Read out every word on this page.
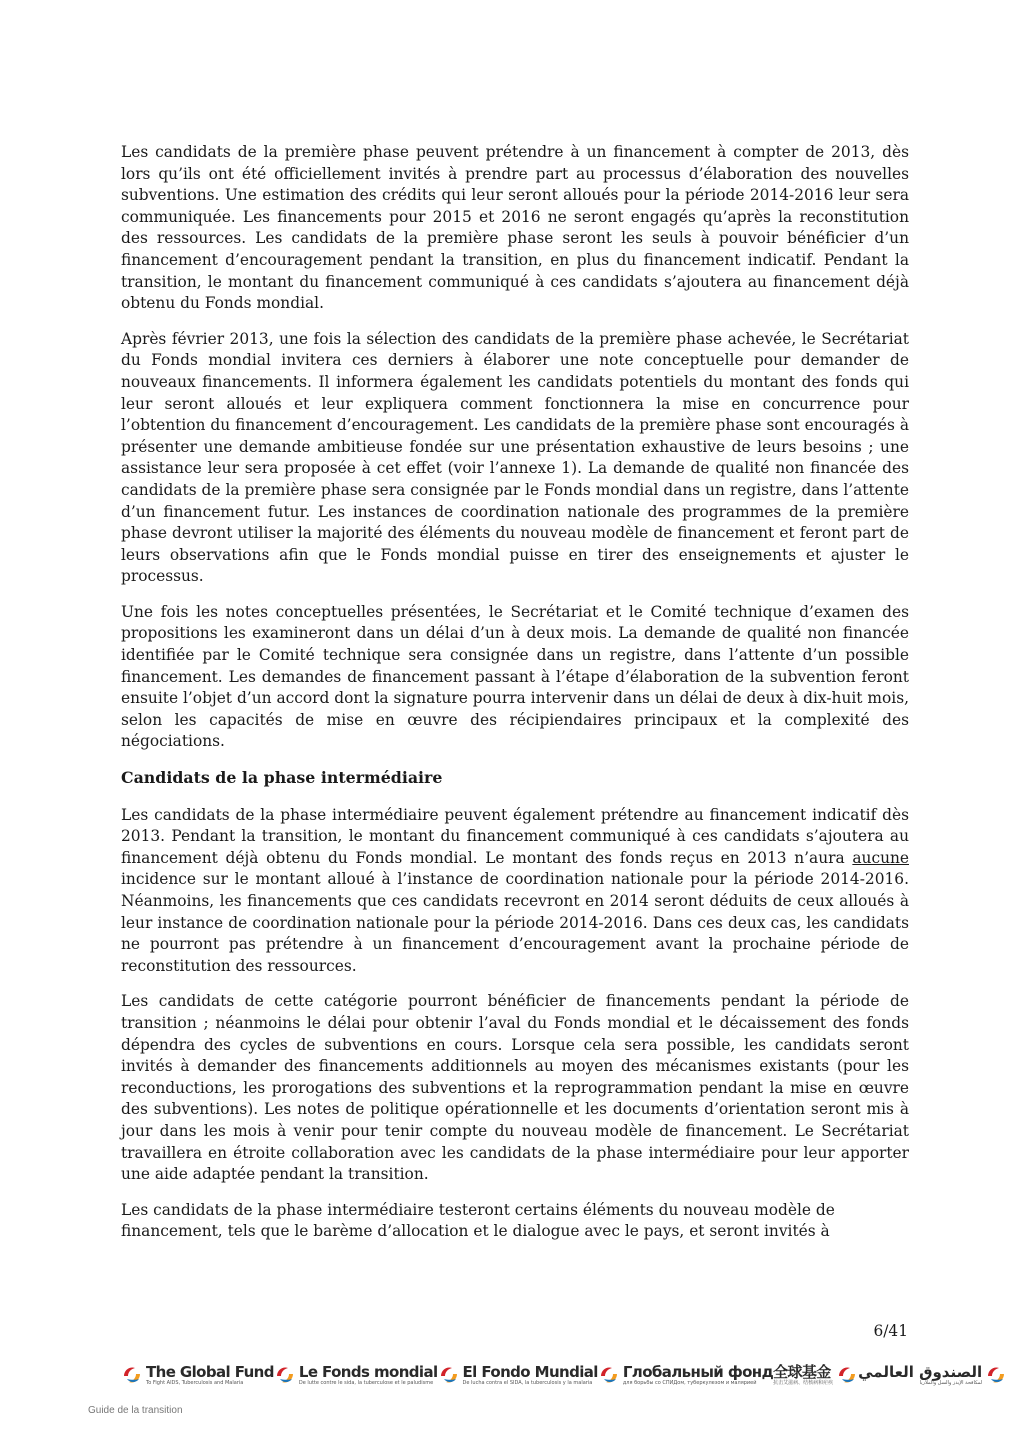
Les candidats de la première phase peuvent prétendre à un financement à compter de 2013, dès lors qu’ils ont été officiellement invités à prendre part au processus d’élaboration des nouvelles subventions. Une estimation des crédits qui leur seront alloués pour la période 2014-2016 leur sera communiquée. Les financements pour 2015 et 2016 ne seront engagés qu’après la reconstitution des ressources. Les candidats de la première phase seront les seuls à pouvoir bénéficier d’un financement d’encouragement pendant la transition, en plus du financement indicatif. Pendant la transition, le montant du financement communiqué à ces candidats s’ajoutera au financement déjà obtenu du Fonds mondial.

Après février 2013, une fois la sélection des candidats de la première phase achevée, le Secrétariat du Fonds mondial invitera ces derniers à élaborer une note conceptuelle pour demander de nouveaux financements. Il informera également les candidats potentiels du montant des fonds qui leur seront alloués et leur expliquera comment fonctionnera la mise en concurrence pour l’obtention du financement d’encouragement. Les candidats de la première phase sont encouragés à présenter une demande ambitieuse fondée sur une présentation exhaustive de leurs besoins ; une assistance leur sera proposée à cet effet (voir l’annexe 1). La demande de qualité non financée des candidats de la première phase sera consignée par le Fonds mondial dans un registre, dans l’attente d’un financement futur. Les instances de coordination nationale des programmes de la première phase devront utiliser la majorité des éléments du nouveau modèle de financement et feront part de leurs observations afin que le Fonds mondial puisse en tirer des enseignements et ajuster le processus.

Une fois les notes conceptuelles présentées, le Secrétariat et le Comité technique d’examen des propositions les examineront dans un délai d’un à deux mois. La demande de qualité non financée identifiée par le Comité technique sera consignée dans un registre, dans l’attente d’un possible financement. Les demandes de financement passant à l’étape d’élaboration de la subvention feront ensuite l’objet d’un accord dont la signature pourra intervenir dans un délai de deux à dix-huit mois, selon les capacités de mise en œuvre des récipiendaires principaux et la complexité des négociations.

Candidats de la phase intermédiaire

Les candidats de la phase intermédiaire peuvent également prétendre au financement indicatif dès 2013. Pendant la transition, le montant du financement communiqué à ces candidats s’ajoutera au financement déjà obtenu du Fonds mondial. Le montant des fonds reçus en 2013 n’aura aucune incidence sur le montant alloué à l’instance de coordination nationale pour la période 2014-2016. Néanmoins, les financements que ces candidats recevront en 2014 seront déduits de ceux alloués à leur instance de coordination nationale pour la période 2014-2016. Dans ces deux cas, les candidats ne pourront pas prétendre à un financement d’encouragement avant la prochaine période de reconstitution des ressources.

Les candidats de cette catégorie pourront bénéficier de financements pendant la période de transition ; néanmoins le délai pour obtenir l’aval du Fonds mondial et le décaissement des fonds dépendra des cycles de subventions en cours. Lorsque cela sera possible, les candidats seront invités à demander des financements additionnels au moyen des mécanismes existants (pour les reconductions, les prorogations des subventions et la reprogrammation pendant la mise en œuvre des subventions). Les notes de politique opérationnelle et les documents d’orientation seront mis à jour dans les mois à venir pour tenir compte du nouveau modèle de financement. Le Secrétariat travaillera en étroite collaboration avec les candidats de la phase intermédiaire pour leur apporter une aide adaptée pendant la transition.

Les candidats de la phase intermédiaire testeront certains éléments du nouveau modèle de financement, tels que le barème d’allocation et le dialogue avec le pays, et seront invités à

6/41
The Global Fund
To Fight AIDS, Tuberculosis and Malaria
Le Fonds mondial
De lutte contre le sida, la tuberculose et le paludisme
El Fondo Mundial
De lucha contra el SIDA, la tuberculosis y la malaria
Глобальный фонд
для борьбы со СПИДом, туберкулезом и малярией
全球基金
抗击艾滋病、结核病和疟疾
الصندوق العالمي
لمكافحة الإيدز والسل والملاريا
Guide de la transition
